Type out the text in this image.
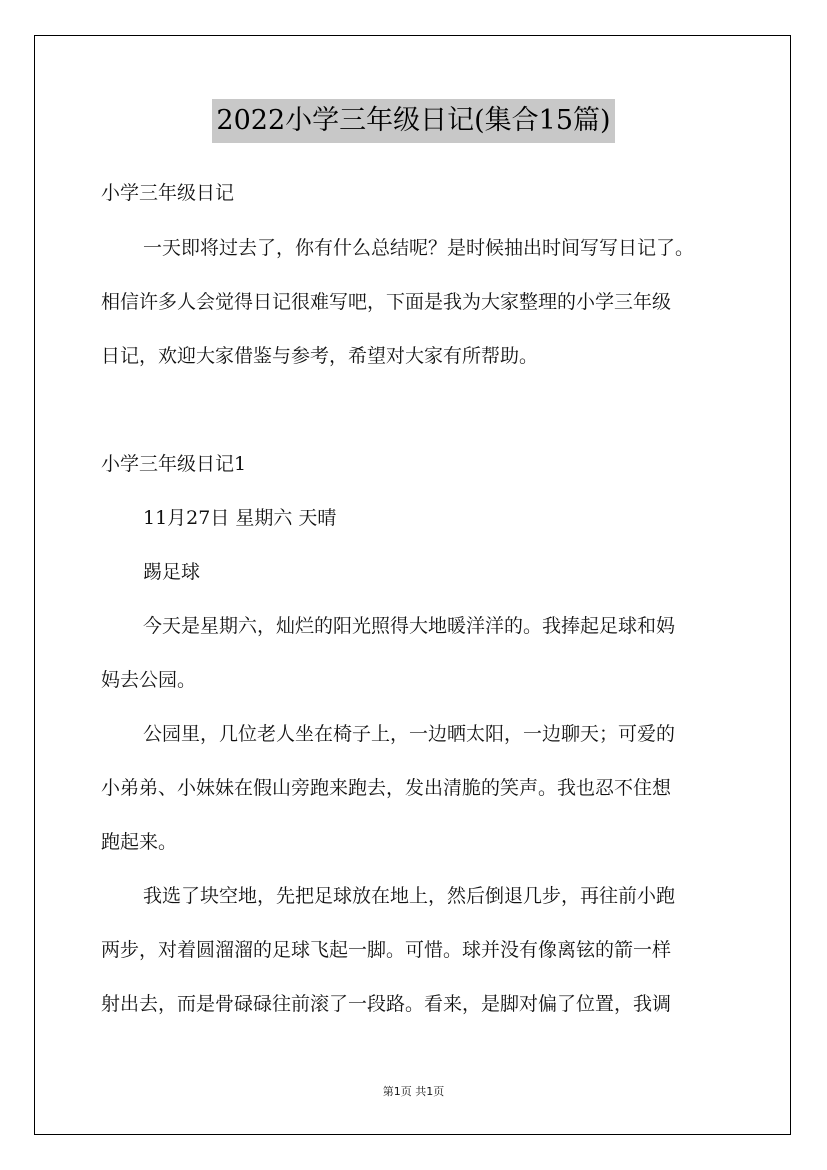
2022小学三年级日记(集合15篇)
小学三年级日记
一天即将过去了，你有什么总结呢？是时候抽出时间写写日记了。
相信许多人会觉得日记很难写吧，下面是我为大家整理的小学三年级
日记，欢迎大家借鉴与参考，希望对大家有所帮助。
小学三年级日记1
11月27日 星期六 天晴
踢足球
今天是星期六，灿烂的阳光照得大地暖洋洋的。我捧起足球和妈
妈去公园。
公园里，几位老人坐在椅子上，一边晒太阳，一边聊天；可爱的
小弟弟、小妹妹在假山旁跑来跑去，发出清脆的笑声。我也忍不住想
跑起来。
我选了块空地，先把足球放在地上，然后倒退几步，再往前小跑
两步，对着圆溜溜的足球飞起一脚。可惜。球并没有像离铉的箭一样
射出去，而是骨碌碌往前滚了一段路。看来，是脚对偏了位置，我调
第1页 共1页
